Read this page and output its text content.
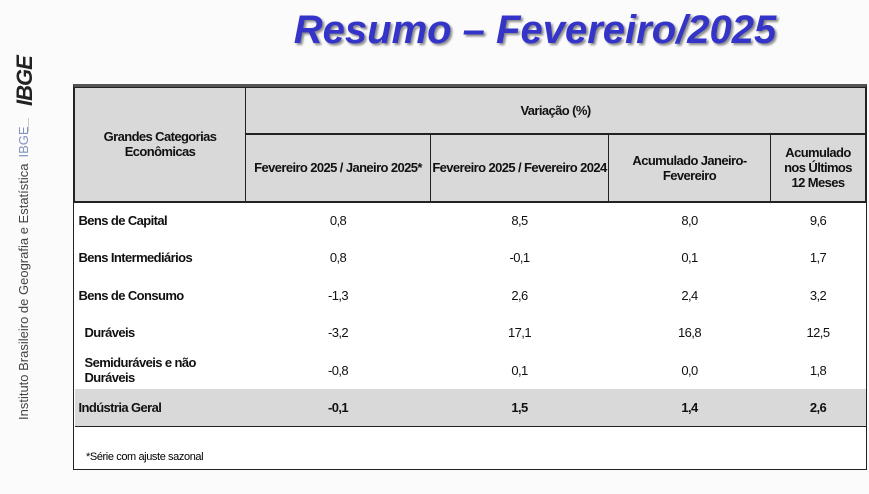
IBGE
Instituto Brasileiro de Geografia e EstatísticaIBGE
Resumo – Fevereiro/2025
Grandes Categorias Econômicas	Variação (%)			
	Fevereiro 2025 / Janeiro 2025*	Fevereiro 2025 / Fevereiro 2024	Acumulado Janeiro-Fevereiro	Acumulado nos Últimos 12 Meses
Bens de Capital	0,8	8,5	8,0	9,6
Bens Intermediários	0,8	-0,1	0,1	1,7
Bens de Consumo	-1,3	2,6	2,4	3,2
Duráveis	-3,2	17,1	16,8	12,5
Semiduráveis e não Duráveis	-0,8	0,1	0,0	1,8
Indústria Geral	-0,1	1,5	1,4	2,6
*Série com ajuste sazonal
